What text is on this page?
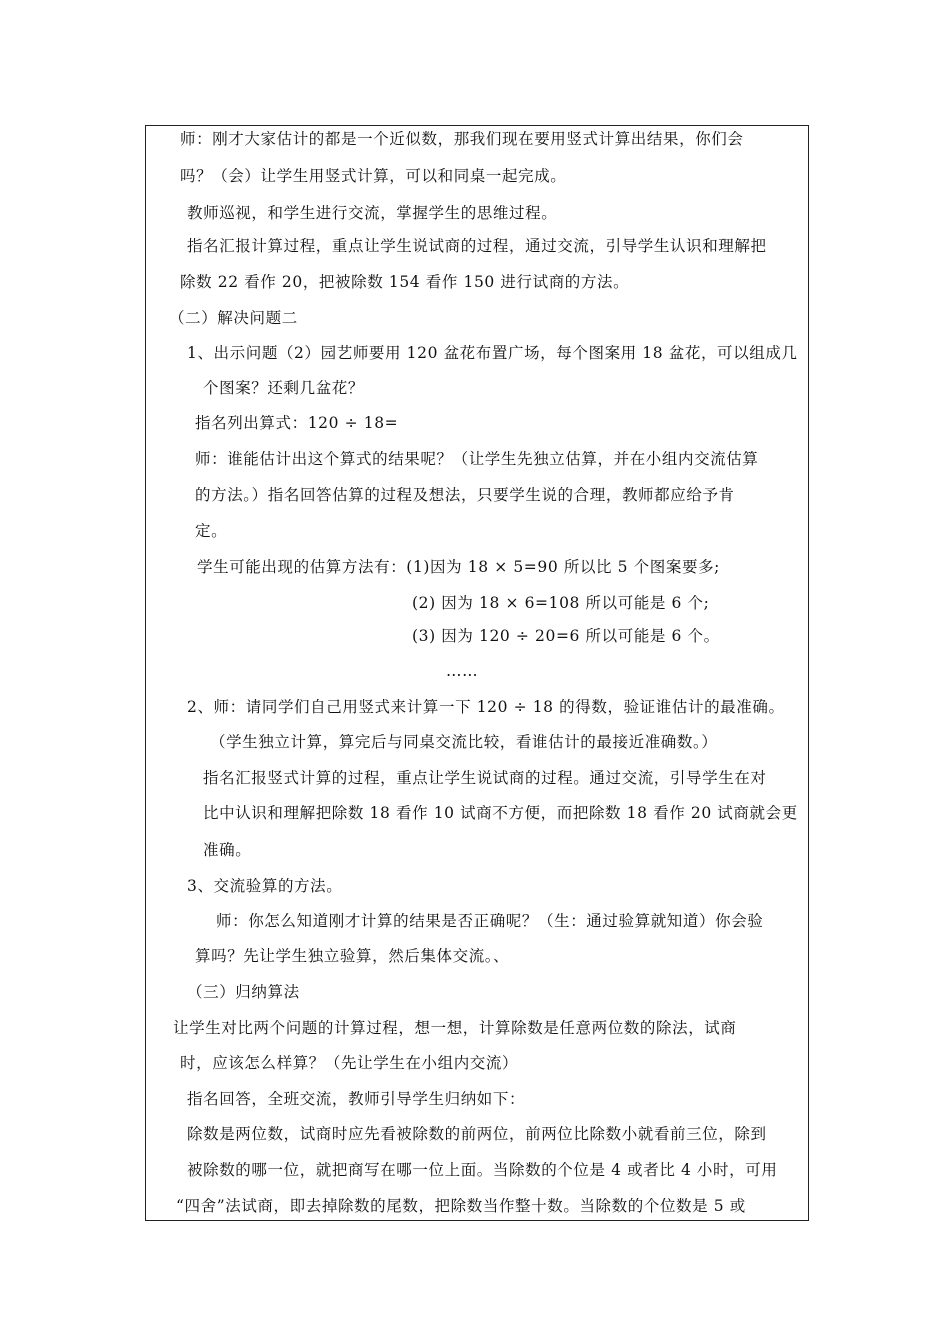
师：刚才大家估计的都是一个近似数，那我们现在要用竖式计算出结果，你们会
吗？（会）让学生用竖式计算，可以和同桌一起完成。
教师巡视，和学生进行交流，掌握学生的思维过程。
指名汇报计算过程，重点让学生说试商的过程，通过交流，引导学生认识和理解把
除数 22 看作 20，把被除数 154 看作 150 进行试商的方法。
（二）解决问题二
1、出示问题（2）园艺师要用 120 盆花布置广场，每个图案用 18 盆花，可以组成几
个图案？还剩几盆花？
指名列出算式：120 ÷ 18=
师：谁能估计出这个算式的结果呢？（让学生先独立估算，并在小组内交流估算
的方法。）指名回答估算的过程及想法，只要学生说的合理，教师都应给予肯
定。
学生可能出现的估算方法有：(1)因为 18 × 5=90 所以比 5 个图案要多;
(2) 因为 18 × 6=108 所以可能是 6 个;
(3) 因为 120 ÷ 20=6 所以可能是 6 个。
……
2、师：请同学们自己用竖式来计算一下 120 ÷ 18 的得数，验证谁估计的最准确。
（学生独立计算，算完后与同桌交流比较，看谁估计的最接近准确数。）
指名汇报竖式计算的过程，重点让学生说试商的过程。通过交流，引导学生在对
比中认识和理解把除数 18 看作 10 试商不方便，而把除数 18 看作 20 试商就会更
准确。
3、交流验算的方法。
师：你怎么知道刚才计算的结果是否正确呢？（生：通过验算就知道）你会验
算吗？先让学生独立验算，然后集体交流。、
（三）归纳算法
让学生对比两个问题的计算过程，想一想，计算除数是任意两位数的除法，试商
时，应该怎么样算？（先让学生在小组内交流）
指名回答，全班交流，教师引导学生归纳如下：
除数是两位数，试商时应先看被除数的前两位，前两位比除数小就看前三位，除到
被除数的哪一位，就把商写在哪一位上面。当除数的个位是 4 或者比 4 小时，可用
“四舍”法试商，即去掉除数的尾数，把除数当作整十数。当除数的个位数是 5 或
